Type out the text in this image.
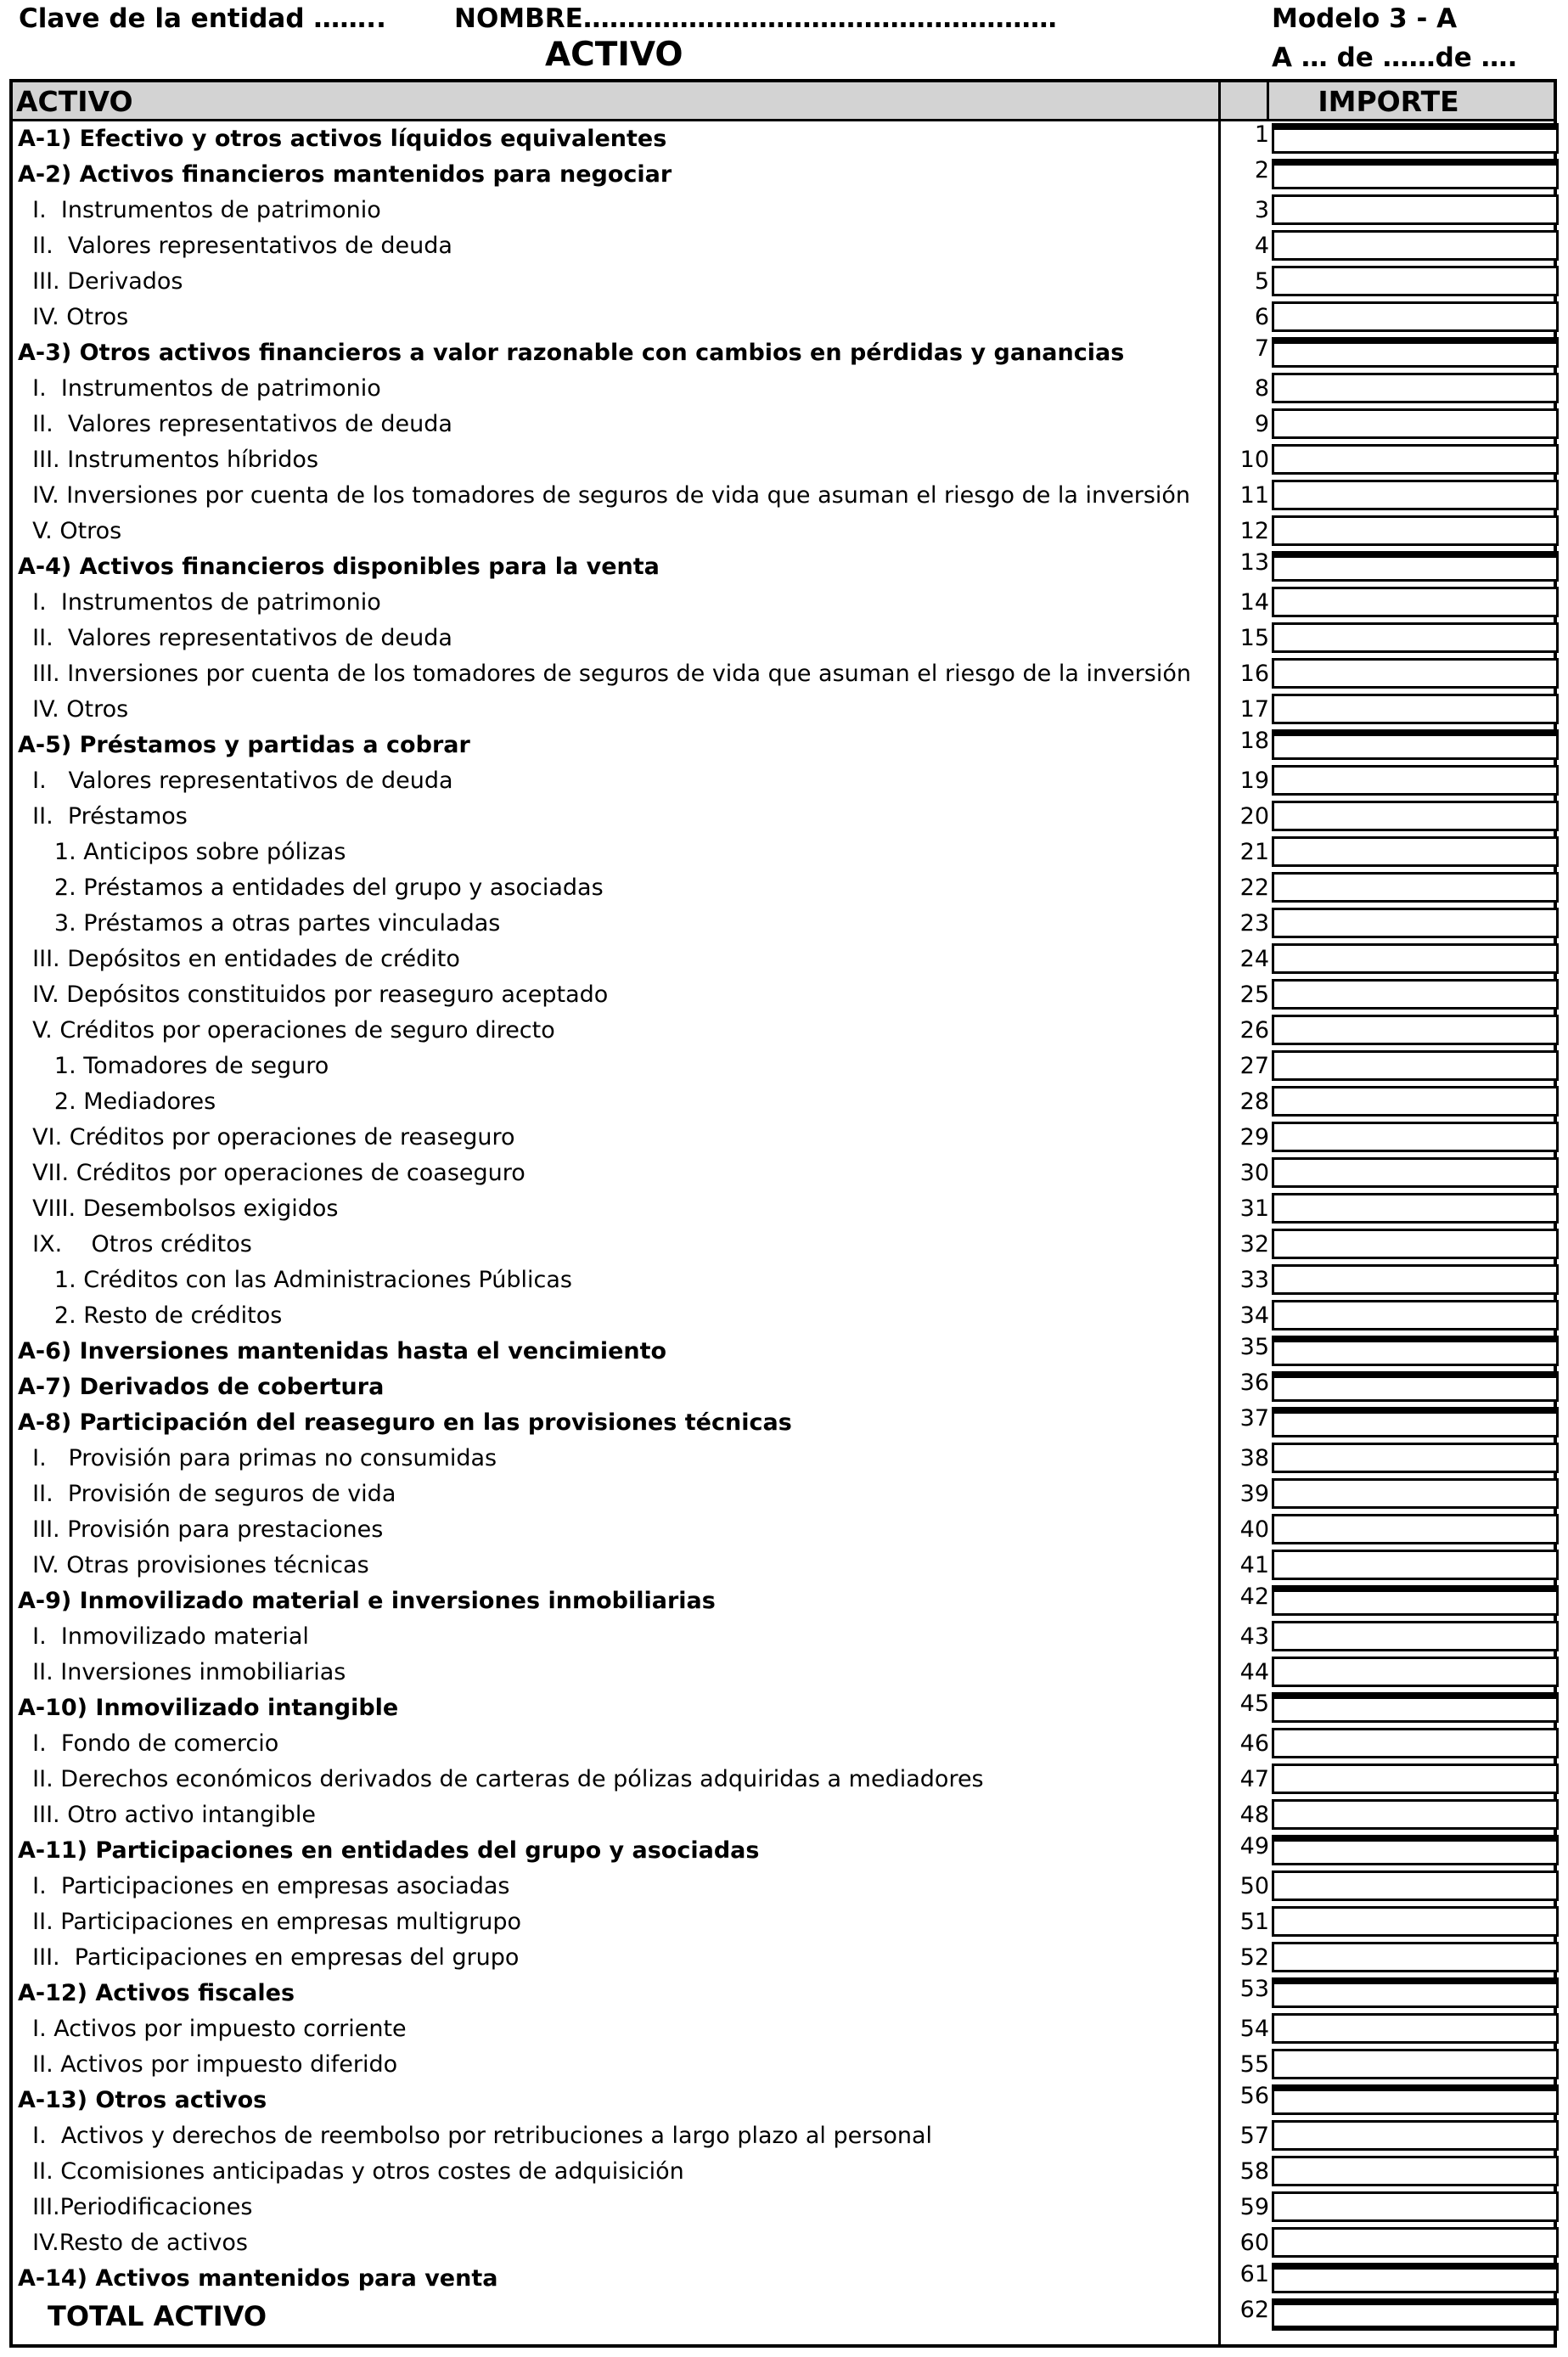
Clave de la entidad ……..	NOMBRE………………………………………………	Modelo 3 - A
ACTIVO	A … de ……de ….
ACTIVO	IMPORTE
A-1) Efectivo y otros activos líquidos equivalentes	1
A-2) Activos financieros mantenidos para negociar	2
I.  Instrumentos de patrimonio	3
II.  Valores representativos de deuda	4
III. Derivados	5
IV. Otros	6
A-3) Otros activos financieros a valor razonable con cambios en pérdidas y ganancias	7
I.  Instrumentos de patrimonio	8
II.  Valores representativos de deuda	9
III. Instrumentos híbridos	10
IV. Inversiones por cuenta de los tomadores de seguros de vida que asuman el riesgo de la inversión	11
V. Otros	12
A-4) Activos financieros disponibles para la venta	13
I.  Instrumentos de patrimonio	14
II.  Valores representativos de deuda	15
III. Inversiones por cuenta de los tomadores de seguros de vida que asuman el riesgo de la inversión	16
IV. Otros	17
A-5) Préstamos y partidas a cobrar	18
I.   Valores representativos de deuda	19
II.  Préstamos	20
1. Anticipos sobre pólizas	21
2. Préstamos a entidades del grupo y asociadas	22
3. Préstamos a otras partes vinculadas	23
III. Depósitos en entidades de crédito	24
IV. Depósitos constituidos por reaseguro aceptado	25
V. Créditos por operaciones de seguro directo	26
1. Tomadores de seguro	27
2. Mediadores	28
VI. Créditos por operaciones de reaseguro	29
VII. Créditos por operaciones de coaseguro	30
VIII. Desembolsos exigidos	31
IX.    Otros créditos	32
1. Créditos con las Administraciones Públicas	33
2. Resto de créditos	34
A-6) Inversiones mantenidas hasta el vencimiento	35
A-7) Derivados de cobertura	36
A-8) Participación del reaseguro en las provisiones técnicas	37
I.   Provisión para primas no consumidas	38
II.  Provisión de seguros de vida	39
III. Provisión para prestaciones	40
IV. Otras provisiones técnicas	41
A-9) Inmovilizado material e inversiones inmobiliarias	42
I.  Inmovilizado material	43
II. Inversiones inmobiliarias	44
A-10) Inmovilizado intangible	45
I.  Fondo de comercio	46
II. Derechos económicos derivados de carteras de pólizas adquiridas a mediadores	47
III. Otro activo intangible	48
A-11) Participaciones en entidades del grupo y asociadas	49
I.  Participaciones en empresas asociadas	50
II. Participaciones en empresas multigrupo	51
III.  Participaciones en empresas del grupo	52
A-12) Activos fiscales	53
I. Activos por impuesto corriente	54
II. Activos por impuesto diferido	55
A-13) Otros activos	56
I.  Activos y derechos de reembolso por retribuciones a largo plazo al personal	57
II. Ccomisiones anticipadas y otros costes de adquisición	58
III.Periodificaciones	59
IV.Resto de activos	60
A-14) Activos mantenidos para venta	61
TOTAL ACTIVO	62
